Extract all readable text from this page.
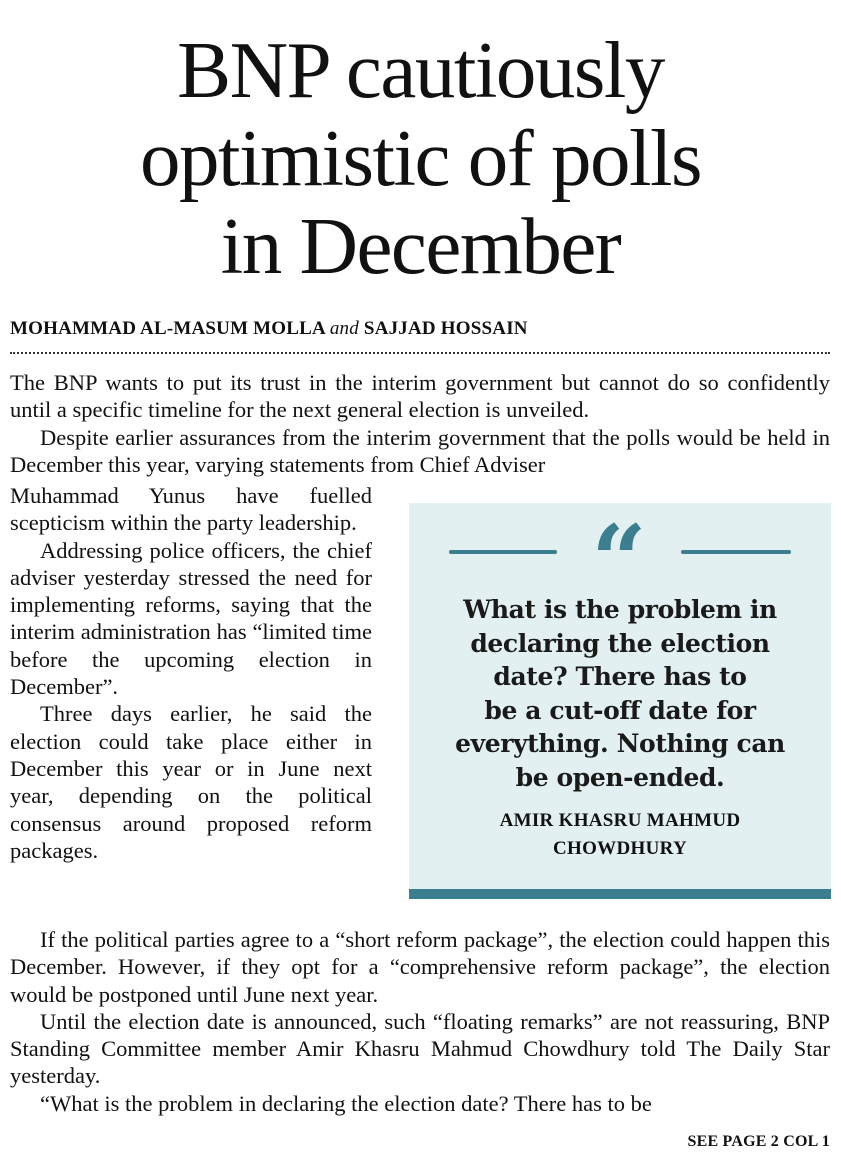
BNP cautiously
optimistic of polls
in December
MOHAMMAD AL-MASUM MOLLA and SAJJAD HOSSAIN

The BNP wants to put its trust in the interim government but cannot do so confidently until a specific timeline for the next general election is unveiled.

Despite earlier assurances from the interim government that the polls would be held in December this year, varying statements from Chief Adviser

Muhammad Yunus have fuelled scepticism within the party leadership.

Addressing police officers, the chief adviser yesterday stressed the need for implementing reforms, saying that the interim administration has “limited time before the upcoming election in December”.

Three days earlier, he said the election could take place either in December this year or in June next year, depending on the political consensus around proposed reform packages.

“
What is the problem in
declaring the election
date? There has to
be a cut-off date for
everything. Nothing can
be open-ended.
AMIR KHASRU MAHMUD
CHOWDHURY

If the political parties agree to a “short reform package”, the election could happen this December. However, if they opt for a “comprehensive reform package”, the election would be postponed until June next year.

Until the election date is announced, such “floating remarks” are not reassuring, BNP Standing Committee member Amir Khasru Mahmud Chowdhury told The Daily Star yesterday.

“What is the problem in declaring the election date? There has to be

SEE PAGE 2 COL 1
